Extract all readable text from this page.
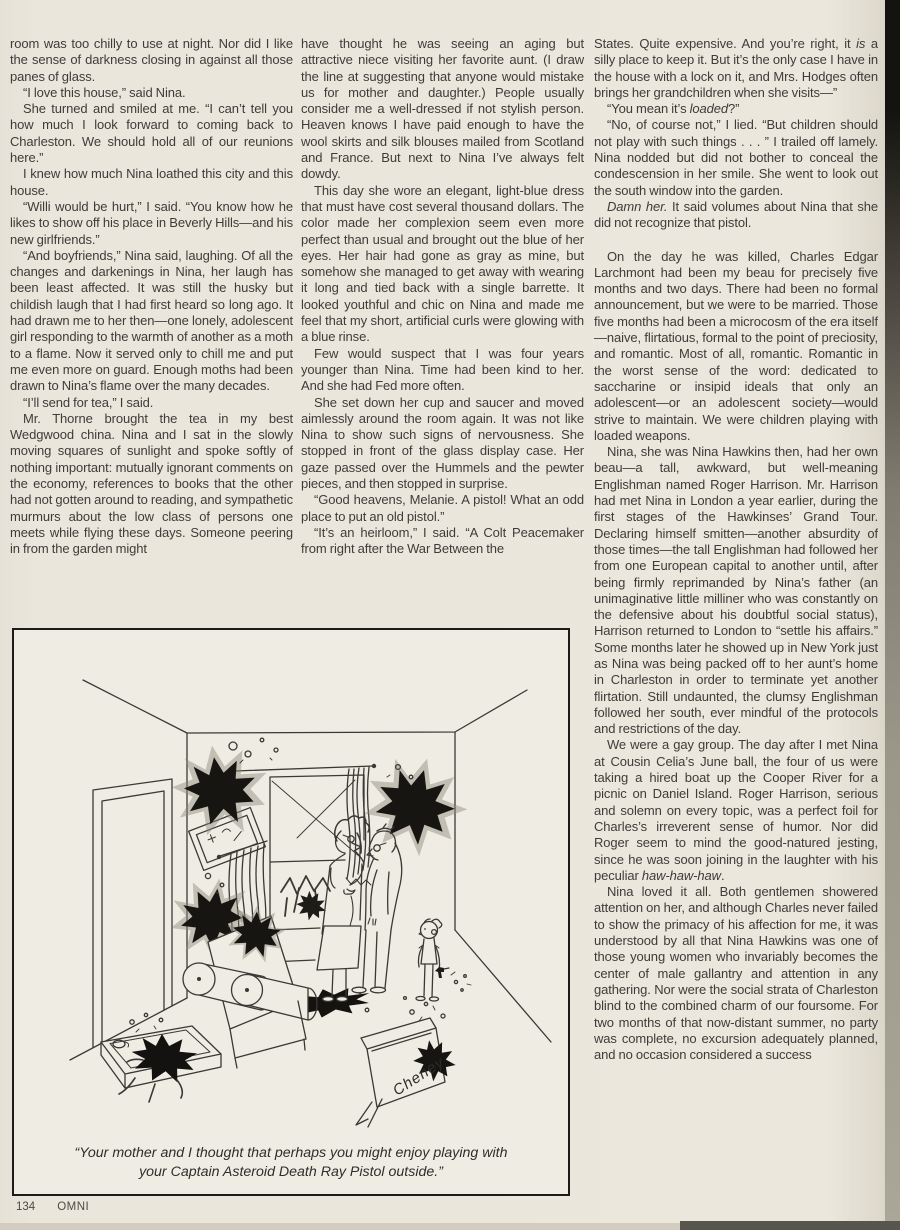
room was too chilly to use at night. Nor did I like the sense of darkness closing in against all those panes of glass.

“I love this house,” said Nina.

She turned and smiled at me. “I can’t tell you how much I look forward to coming back to Charleston. We should hold all of our reunions here.”

I knew how much Nina loathed this city and this house.

“Willi would be hurt,” I said. “You know how he likes to show off his place in Beverly Hills—and his new girlfriends.”

“And boyfriends,” Nina said, laughing. Of all the changes and darkenings in Nina, her laugh has been least affected. It was still the husky but childish laugh that I had first heard so long ago. It had drawn me to her then—one lonely, adolescent girl responding to the warmth of another as a moth to a flame. Now it served only to chill me and put me even more on guard. Enough moths had been drawn to Nina’s flame over the many decades.

“I’ll send for tea,” I said.

Mr. Thorne brought the tea in my best Wedgwood china. Nina and I sat in the slowly moving squares of sunlight and spoke softly of nothing important: mutually ignorant comments on the economy, references to books that the other had not gotten around to reading, and sympathetic murmurs about the low class of persons one meets while flying these days. Someone peering in from the garden might

have thought he was seeing an aging but attractive niece visiting her favorite aunt. (I draw the line at suggesting that anyone would mistake us for mother and daughter.) People usually consider me a well-dressed if not stylish person. Heaven knows I have paid enough to have the wool skirts and silk blouses mailed from Scotland and France. But next to Nina I’ve always felt dowdy.

This day she wore an elegant, light-blue dress that must have cost several thousand dollars. The color made her complexion seem even more perfect than usual and brought out the blue of her eyes. Her hair had gone as gray as mine, but somehow she managed to get away with wearing it long and tied back with a single barrette. It looked youthful and chic on Nina and made me feel that my short, artificial curls were glowing with a blue rinse.

Few would suspect that I was four years younger than Nina. Time had been kind to her. And she had Fed more often.

She set down her cup and saucer and moved aimlessly around the room again. It was not like Nina to show such signs of nervousness. She stopped in front of the glass display case. Her gaze passed over the Hummels and the pewter pieces, and then stopped in surprise.

“Good heavens, Melanie. A pistol! What an odd place to put an old pistol.”

“It’s an heirloom,” I said. “A Colt Peacemaker from right after the War Between the

States. Quite expensive. And you’re right, it is a silly place to keep it. But it’s the only case I have in the house with a lock on it, and Mrs. Hodges often brings her grandchildren when she visits—”

“You mean it’s loaded?”

“No, of course not,” I lied. “But children should not play with such things . . . ” I trailed off lamely. Nina nodded but did not bother to conceal the condescension in her smile. She went to look out the south window into the garden.

Damn her. It said volumes about Nina that she did not recognize that pistol.

On the day he was killed, Charles Edgar Larchmont had been my beau for precisely five months and two days. There had been no formal announcement, but we were to be married. Those five months had been a microcosm of the era itself—naive, flirtatious, formal to the point of preciosity, and romantic. Most of all, romantic. Romantic in the worst sense of the word: dedicated to saccharine or insipid ideals that only an adolescent—or an adolescent society—would strive to maintain. We were children playing with loaded weapons.

Nina, she was Nina Hawkins then, had her own beau—a tall, awkward, but well-meaning Englishman named Roger Harrison. Mr. Harrison had met Nina in London a year earlier, during the first stages of the Hawkinses’ Grand Tour. Declaring himself smitten—another absurdity of those times—the tall Englishman had followed her from one European capital to another until, after being firmly reprimanded by Nina’s father (an unimaginative little milliner who was constantly on the defensive about his doubtful social status), Harrison returned to London to “settle his affairs.” Some months later he showed up in New York just as Nina was being packed off to her aunt’s home in Charleston in order to terminate yet another flirtation. Still undaunted, the clumsy Englishman followed her south, ever mindful of the protocols and restrictions of the day.

We were a gay group. The day after I met Nina at Cousin Celia’s June ball, the four of us were taking a hired boat up the Cooper River for a picnic on Daniel Island. Roger Harrison, serious and solemn on every topic, was a perfect foil for Charles’s irreverent sense of humor. Nor did Roger seem to mind the good-natured jesting, since he was soon joining in the laughter with his peculiar haw-haw-haw.

Nina loved it all. Both gentlemen showered attention on her, and although Charles never failed to show the primacy of his affection for me, it was understood by all that Nina Hawkins was one of those young women who invariably becomes the center of male gallantry and attention in any gathering. Nor were the social strata of Charleston blind to the combined charm of our foursome. For two months of that now-distant summer, no party was complete, no excursion adequately planned, and no occasion considered a success

Cheney
“Your mother and I thought that perhaps you might enjoy playing with your Captain Asteroid Death Ray Pistol outside.”
134 OMNI
